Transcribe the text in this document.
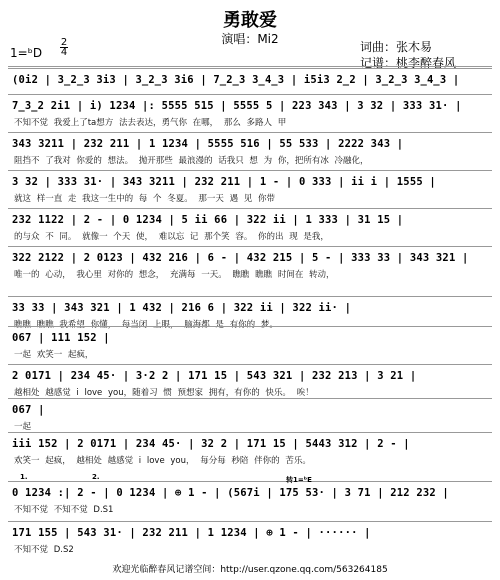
勇敢爱
演唱：Mi2
1=ᵇD
2
4	词曲：张木易
记谱：桃李醉春风
(0i2 | 3̲2̲3 3i3 | 3̲2̲3 3i6 | 7̲2̲3 3̲4̲3 | i5i3 2̲2 | 3̲2̲3 3̲4̲3 |
7̲3̲2 2i1 | i) 1234 |: 5555 515 | 5555 5 | 223 343 | 3 32 | 333 31· |
不知不觉 我爱上了ta想方 法去表达，勇气你 在哪， 那么 多路人 甲
343 3211 | 232 211 | 1 1234 | 5555 516 | 55 533 | 2222 343 |
阻挡不 了我对 你爱的 想法。 抛开那些 最浪漫的 话我只 想 为 你，把所有冰 冷融化，
3 32 | 333 31· | 343 3211 | 232 211 | 1 - | 0 333 | ii i | 1555 |
就这 样一直 走 我这一生中的 每 个 冬夏。 那一天 遇 见 你带
232 1122 | 2 - | 0 1234 | 5 ii 66 | 322 ii | 1 333 | 31 15 |
的与众 不 同。 就像一 个天 使， 难以忘 记 那个笑 容。 你的出 现 是我，
322 2122 | 2 0123 | 432 216 | 6 - | 432 215 | 5 - | 333 33 | 343 321 |
唯一的 心动， 我心里 对你的 想念， 充满每 一天。 瞧瞧 瞧瞧 时间在 转动，
33 33 | 343 321 | 1 432 | 216 6 | 322 ii | 322 ii· |
瞧瞧 瞧瞧 我希望 你懂， 每当闭 上眼， 脑海都 是 有你的 梦。
067 | 111 152 |
一起 欢笑一 起疯，
2 0171 | 234 45· | 3·2 2 | 171 15 | 543 321 | 232 213 | 3 21 |
越相处 越感觉 i love you，随着习 惯 预想家 拥有，有你的 快乐。 唉！
067 |
一起
iii 152 | 2 0171 | 234 45· | 32 2 | 171 15 | 5443 312 | 2 - |
欢笑一 起疯， 越相处 越感觉 i love you， 每分每 秒陪 伴你的 苦乐。
0 1234 :| 2 - | 0 1234 | ⊕ 1 - | (567i | 175 53· | 3 71 | 212 232 |
不知不觉 不知不觉 D.S1
171 155 | 543 31· | 232 211 | 1 1234 | ⊕ 1 - | ······ |
不知不觉 D.S2
1.	2.	转1=ᵇE
欢迎光临醉春风记谱空间：http://user.qzone.qq.com/563264185
